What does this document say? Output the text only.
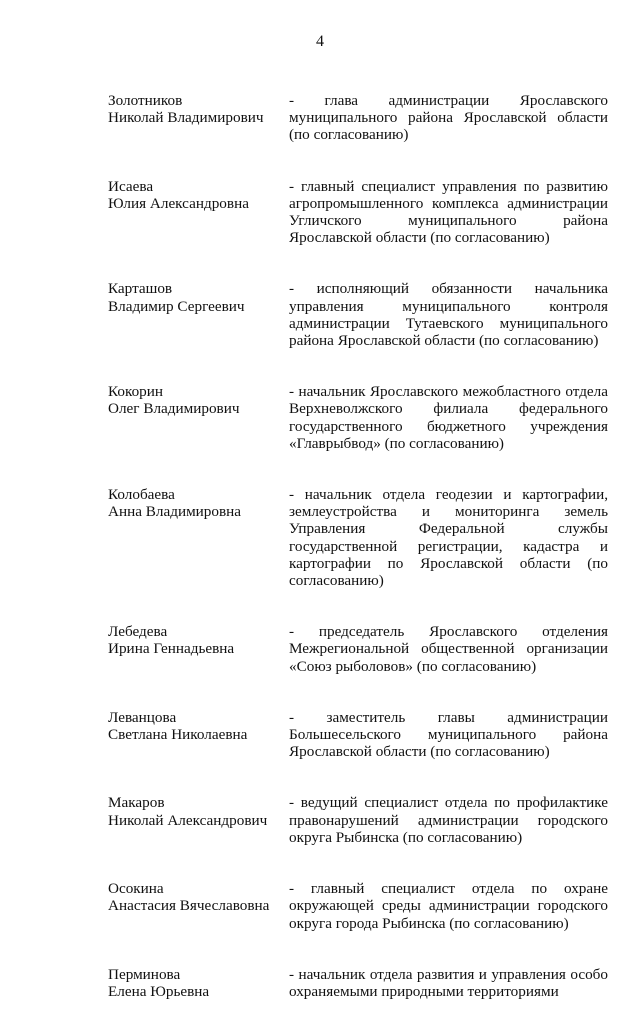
4
Золотников
Николай Владимирович
- глава администрации Ярославского муниципального района Ярославской области (по согласованию)
Исаева
Юлия Александровна
- главный специалист управления по развитию агропромышленного комплекса администрации Угличского муниципального района Ярославской области (по согласованию)
Карташов
Владимир Сергеевич
- исполняющий обязанности начальника управления муниципального контроля администрации Тутаевского муниципального района Ярославской области (по согласованию)
Кокорин
Олег Владимирович
- начальник Ярославского межобластного отдела Верхневолжского филиала федерального государственного бюджетного учреждения «Главрыбвод» (по согласованию)
Колобаева
Анна Владимировна
- начальник отдела геодезии и картографии, землеустройства и мониторинга земель Управления Федеральной службы государственной регистрации, кадастра и картографии по Ярославской области (по согласованию)
Лебедева
Ирина Геннадьевна
- председатель Ярославского отделения Межрегиональной общественной организации «Союз рыболовов» (по согласованию)
Леванцова
Светлана Николаевна
- заместитель главы администрации Большесельского муниципального района Ярославской области (по согласованию)
Макаров
Николай Александрович
- ведущий специалист отдела по профилактике правонарушений администрации городского округа Рыбинска (по согласованию)
Осокина
Анастасия Вячеславовна
- главный специалист отдела по охране окружающей среды администрации городского округа города Рыбинска (по согласованию)
Перминова
Елена Юрьевна
- начальник отдела развития и управления особо охраняемыми природными территориями
